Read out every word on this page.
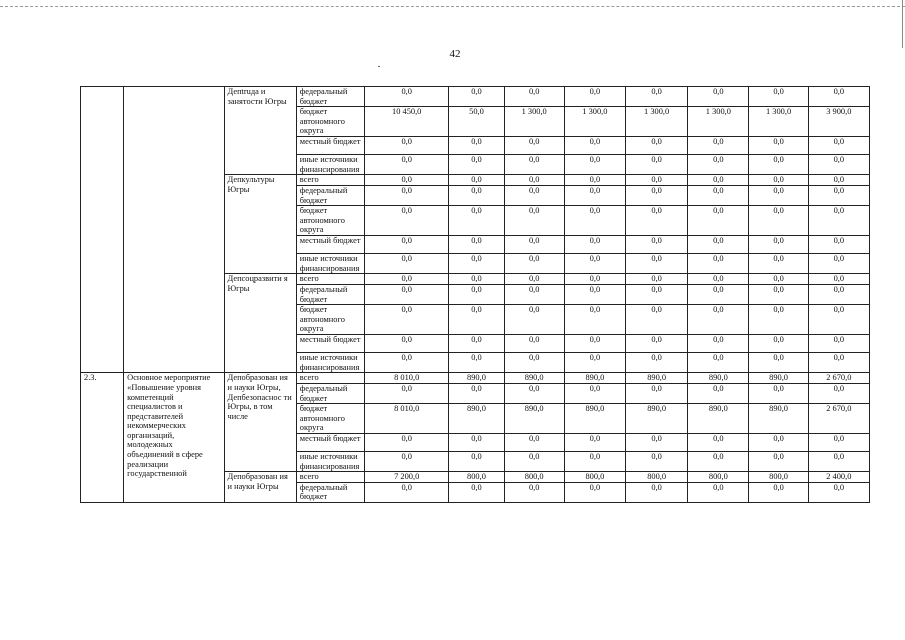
42
		Депtruда и занятости Югры	федеральный бюджет	0,0	0,0	0,0	0,0	0,0	0,0	0,0	0,0
			бюджет автономного округа	10 450,0	50,0	1 300,0	1 300,0	1 300,0	1 300,0	1 300,0	3 900,0
			местный бюджет	0,0	0,0	0,0	0,0	0,0	0,0	0,0	0,0
			иные источники финансирования	0,0	0,0	0,0	0,0	0,0	0,0	0,0	0,0
		Депкультуры Югры	всего	0,0	0,0	0,0	0,0	0,0	0,0	0,0	0,0
			федеральный бюджет	0,0	0,0	0,0	0,0	0,0	0,0	0,0	0,0
			бюджет автономного округа	0,0	0,0	0,0	0,0	0,0	0,0	0,0	0,0
			местный бюджет	0,0	0,0	0,0	0,0	0,0	0,0	0,0	0,0
			иные источники финансирования	0,0	0,0	0,0	0,0	0,0	0,0	0,0	0,0
		Депсоцразвити я Югры	всего	0,0	0,0	0,0	0,0	0,0	0,0	0,0	0,0
			федеральный бюджет	0,0	0,0	0,0	0,0	0,0	0,0	0,0	0,0
			бюджет автономного округа	0,0	0,0	0,0	0,0	0,0	0,0	0,0	0,0
			местный бюджет	0,0	0,0	0,0	0,0	0,0	0,0	0,0	0,0
			иные источники финансирования	0,0	0,0	0,0	0,0	0,0	0,0	0,0	0,0
2.3.	Основное мероприятие «Повышение уровня компетенций специалистов и представителей некоммерческих организаций, молодежных объединений в сфере реализации государственной	Депобразован ия и науки Югры, Депбезопаснос ти Югры, в том числе	всего	8 010,0	890,0	890,0	890,0	890,0	890,0	890,0	2 670,0
			федеральный бюджет	0,0	0,0	0,0	0,0	0,0	0,0	0,0	0,0
			бюджет автономного округа	8 010,0	890,0	890,0	890,0	890,0	890,0	890,0	2 670,0
			местный бюджет	0,0	0,0	0,0	0,0	0,0	0,0	0,0	0,0
			иные источники финансирования	0,0	0,0	0,0	0,0	0,0	0,0	0,0	0,0
		Депобразован ия и науки Югры	всего	7 200,0	800,0	800,0	800,0	800,0	800,0	800,0	2 400,0
			федеральный бюджет	0,0	0,0	0,0	0,0	0,0	0,0	0,0	0,0
